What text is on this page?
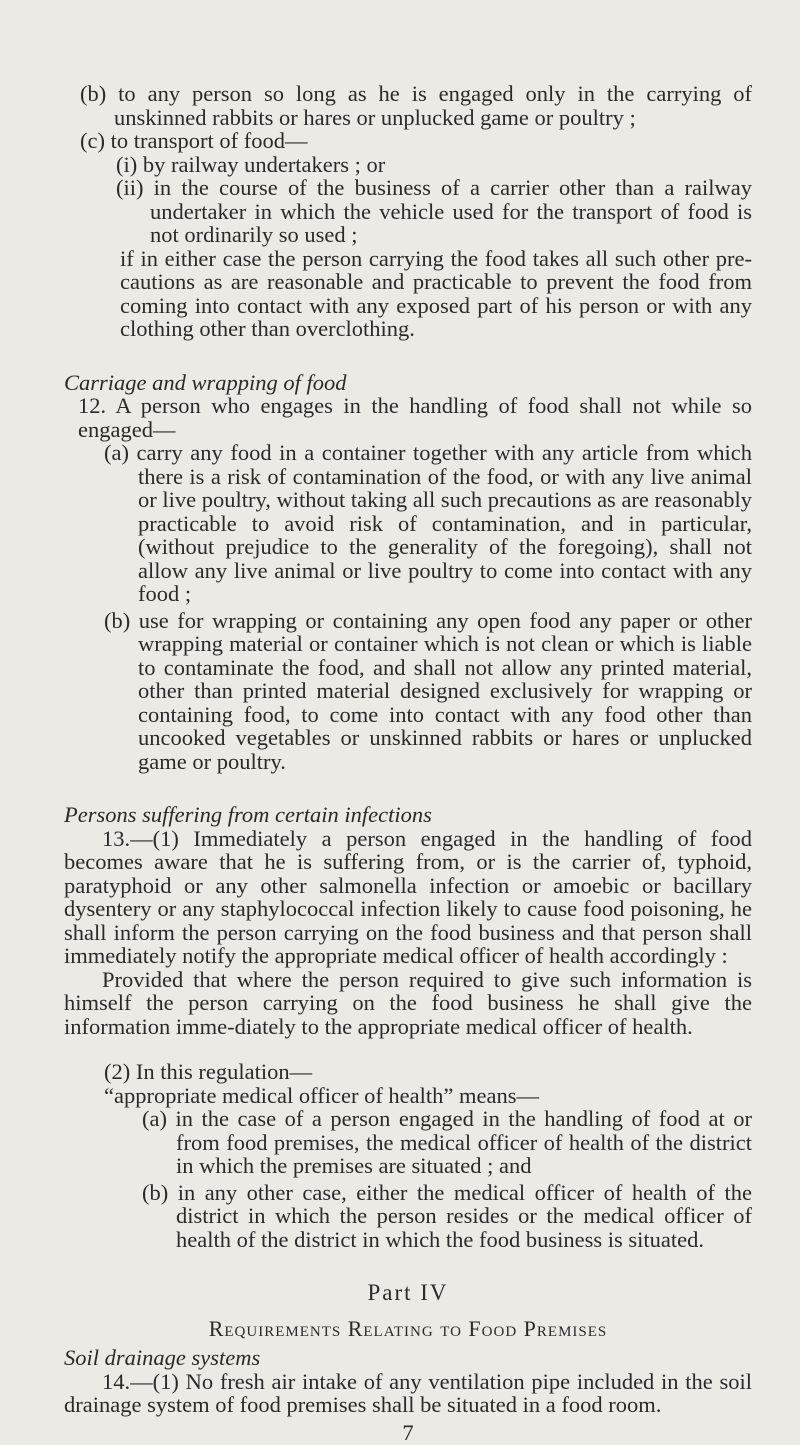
(b) to any person so long as he is engaged only in the carrying of unskinned rabbits or hares or unplucked game or poultry ;

(c) to transport of food—

(i) by railway undertakers ; or

(ii) in the course of the business of a carrier other than a railway undertaker in which the vehicle used for the transport of food is not ordinarily so used ;

if in either case the person carrying the food takes all such other pre-cautions as are reasonable and practicable to prevent the food from coming into contact with any exposed part of his person or with any clothing other than overclothing.

Carriage and wrapping of food

12. A person who engages in the handling of food shall not while so engaged—

(a) carry any food in a container together with any article from which there is a risk of contamination of the food, or with any live animal or live poultry, without taking all such precautions as are reasonably practicable to avoid risk of contamination, and in particular, (without prejudice to the generality of the foregoing), shall not allow any live animal or live poultry to come into contact with any food ;

(b) use for wrapping or containing any open food any paper or other wrapping material or container which is not clean or which is liable to contaminate the food, and shall not allow any printed material, other than printed material designed exclusively for wrapping or containing food, to come into contact with any food other than uncooked vegetables or unskinned rabbits or hares or unplucked game or poultry.

Persons suffering from certain infections

13.—(1) Immediately a person engaged in the handling of food becomes aware that he is suffering from, or is the carrier of, typhoid, paratyphoid or any other salmonella infection or amoebic or bacillary dysentery or any staphylococcal infection likely to cause food poisoning, he shall inform the person carrying on the food business and that person shall immediately notify the appropriate medical officer of health accordingly :

Provided that where the person required to give such information is himself the person carrying on the food business he shall give the information imme-diately to the appropriate medical officer of health.

(2) In this regulation—

“appropriate medical officer of health” means—

(a) in the case of a person engaged in the handling of food at or from food premises, the medical officer of health of the district in which the premises are situated ; and

(b) in any other case, either the medical officer of health of the district in which the person resides or the medical officer of health of the district in which the food business is situated.

Part IV

Requirements Relating to Food Premises

Soil drainage systems

14.—(1) No fresh air intake of any ventilation pipe included in the soil drainage system of food premises shall be situated in a food room.

7
